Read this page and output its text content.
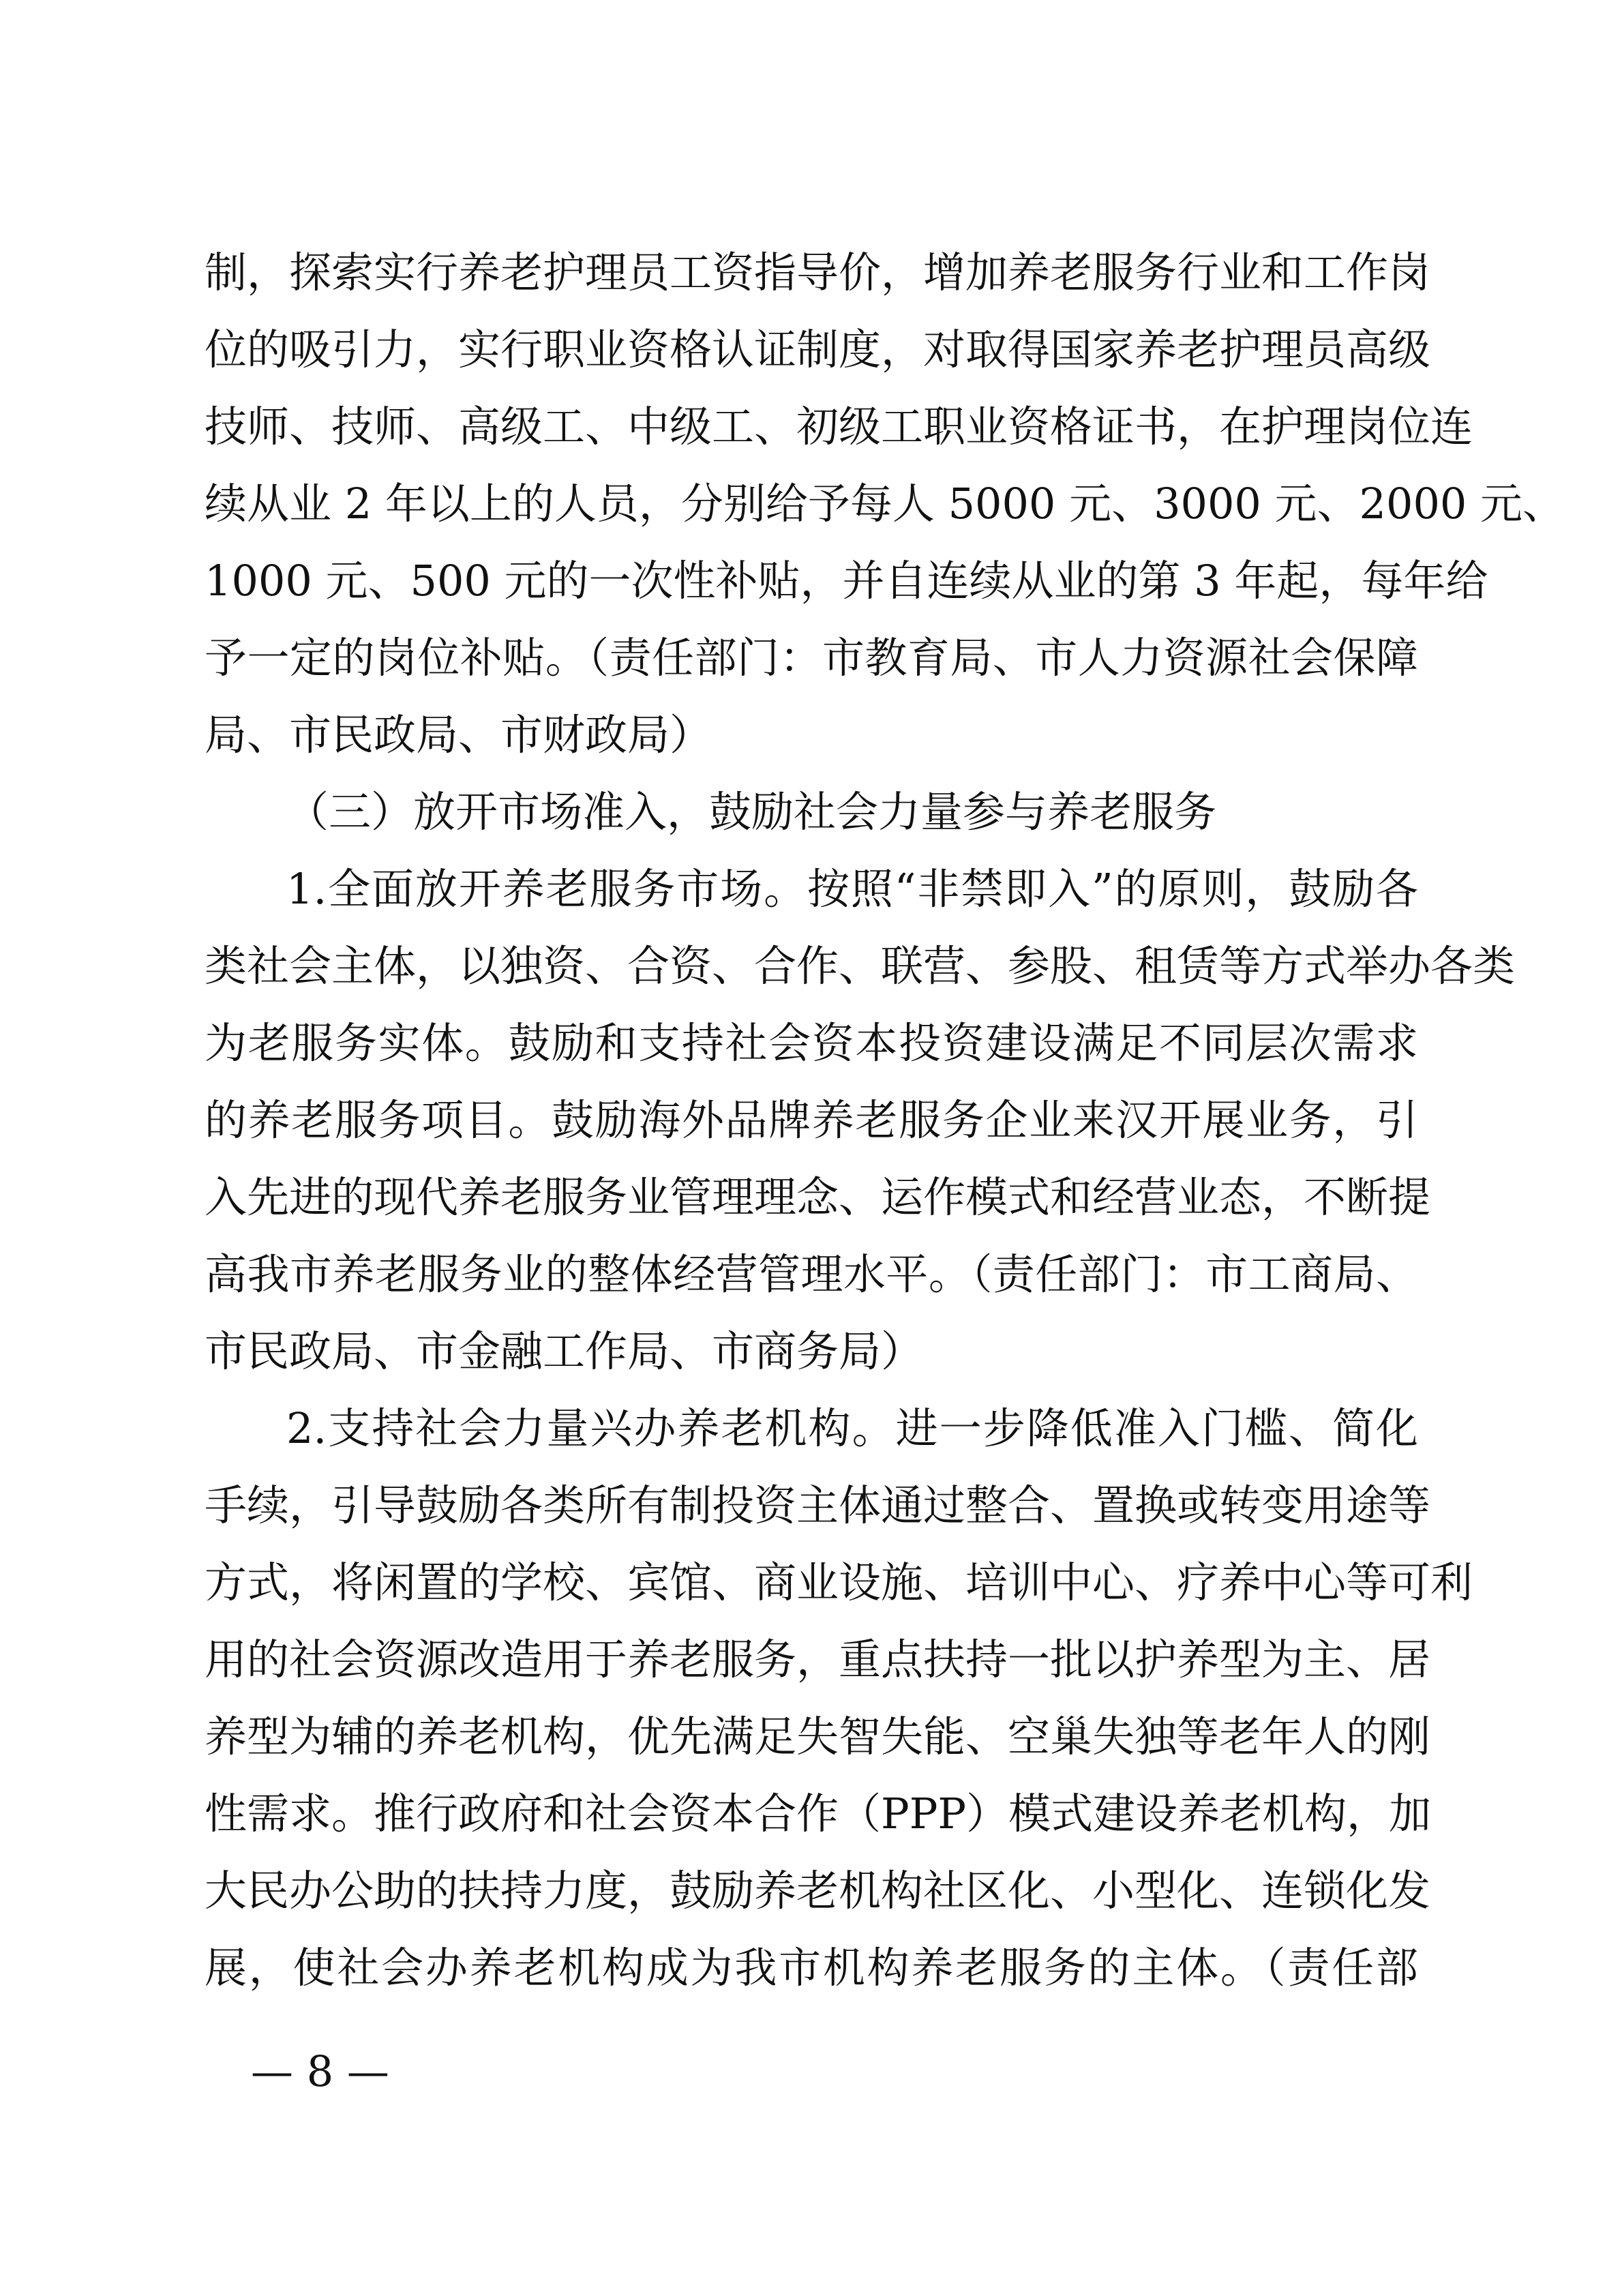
制，探索实行养老护理员工资指导价，增加养老服务行业和工作岗
位的吸引力，实行职业资格认证制度，对取得国家养老护理员高级
技师、技师、高级工、中级工、初级工职业资格证书，在护理岗位连
续从业 2 年以上的人员，分别给予每人 5000 元、3000 元、2000 元、
1000 元、500 元的一次性补贴，并自连续从业的第 3 年起，每年给
予一定的岗位补贴。（责任部门：市教育局、市人力资源社会保障
局、市民政局、市财政局）
（三）放开市场准入，鼓励社会力量参与养老服务
1.全面放开养老服务市场。按照“非禁即入”的原则，鼓励各
类社会主体，以独资、合资、合作、联营、参股、租赁等方式举办各类
为老服务实体。鼓励和支持社会资本投资建设满足不同层次需求
的养老服务项目。鼓励海外品牌养老服务企业来汉开展业务，引
入先进的现代养老服务业管理理念、运作模式和经营业态，不断提
高我市养老服务业的整体经营管理水平。（责任部门：市工商局、
市民政局、市金融工作局、市商务局）
2.支持社会力量兴办养老机构。进一步降低准入门槛、简化
手续，引导鼓励各类所有制投资主体通过整合、置换或转变用途等
方式，将闲置的学校、宾馆、商业设施、培训中心、疗养中心等可利
用的社会资源改造用于养老服务，重点扶持一批以护养型为主、居
养型为辅的养老机构，优先满足失智失能、空巢失独等老年人的刚
性需求。推行政府和社会资本合作（PPP）模式建设养老机构，加
大民办公助的扶持力度，鼓励养老机构社区化、小型化、连锁化发
展，使社会办养老机构成为我市机构养老服务的主体。（责任部
— 8 —
